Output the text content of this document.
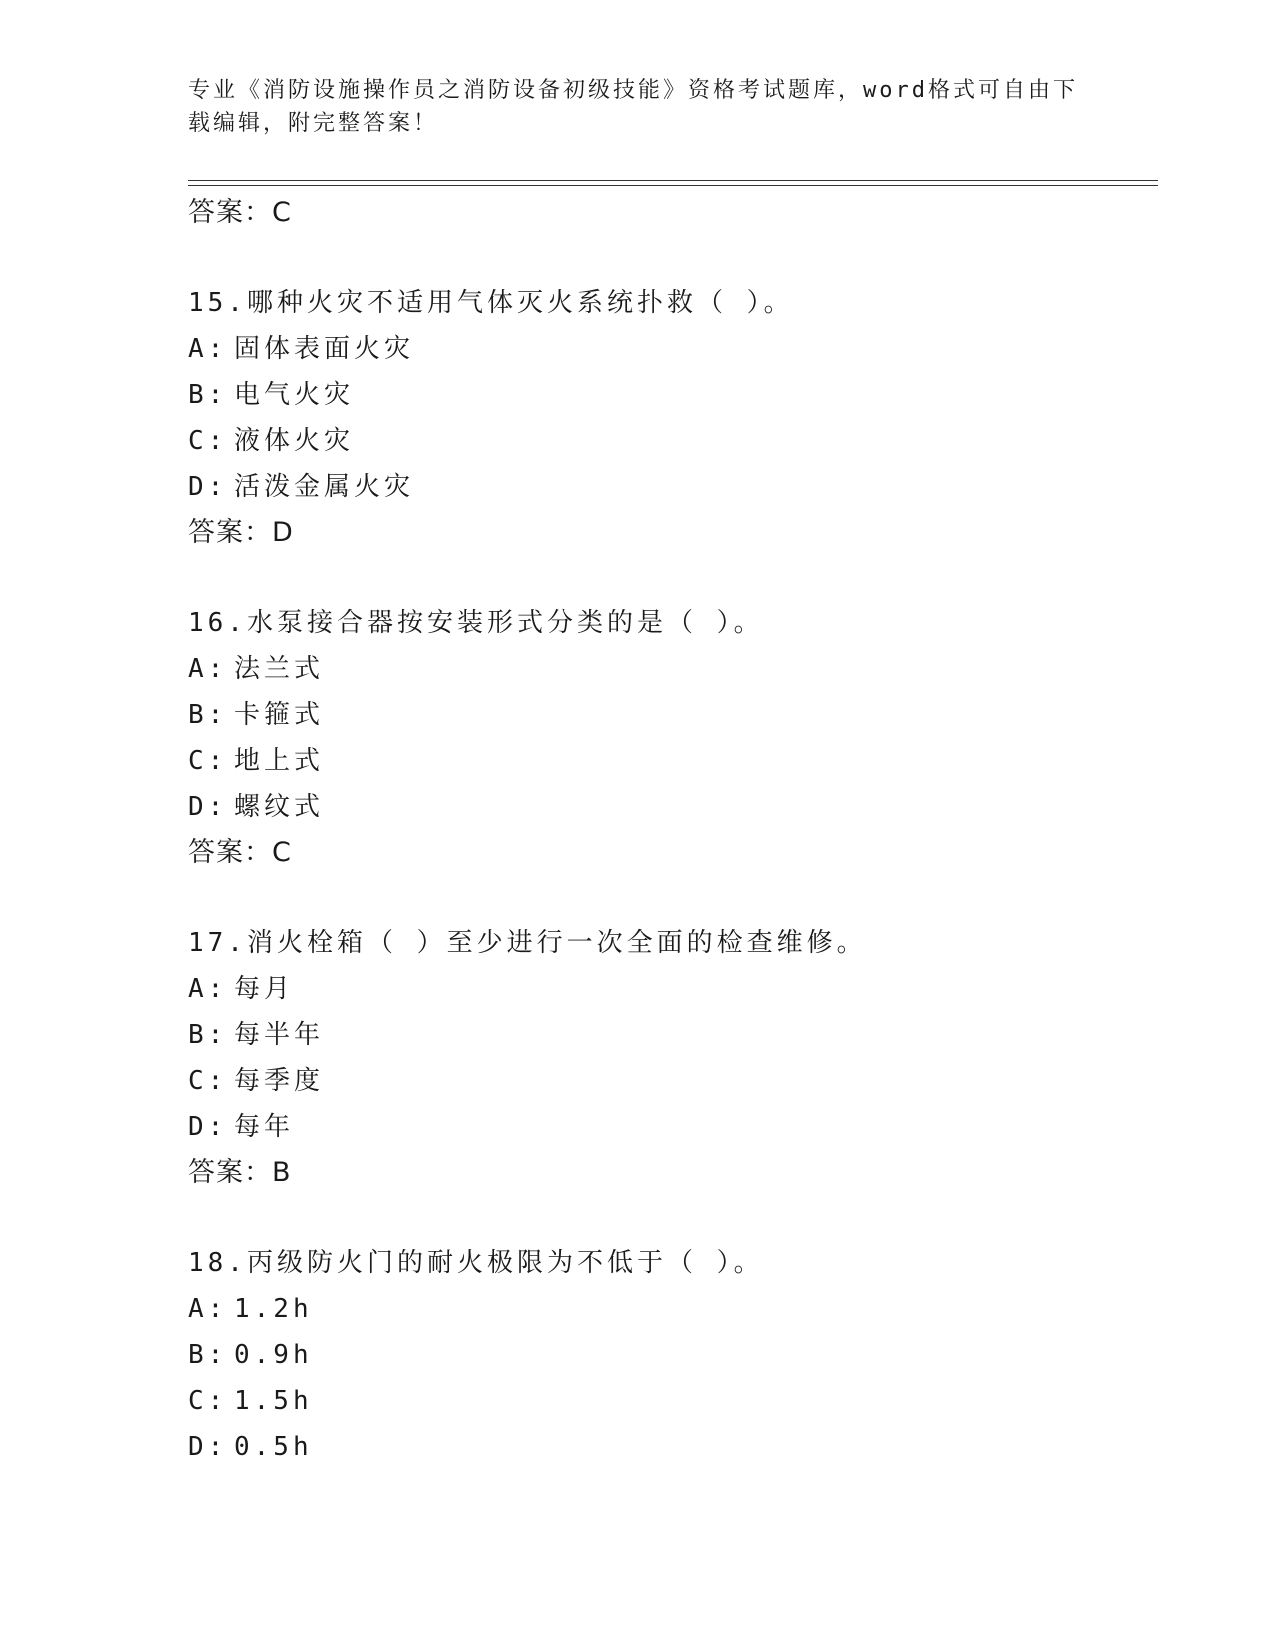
专业《消防设施操作员之消防设备初级技能》资格考试题库，word格式可自由下

载编辑，附完整答案！

答案：C

15.哪种火灾不适用气体灭火系统扑救（ ）。

A: 固体表面火灾

B: 电气火灾

C: 液体火灾

D: 活泼金属火灾

答案：D

16.水泵接合器按安装形式分类的是（ ）。

A: 法兰式

B: 卡箍式

C: 地上式

D: 螺纹式

答案：C

17.消火栓箱（ ）至少进行一次全面的检查维修。

A: 每月

B: 每半年

C: 每季度

D: 每年

答案：B

18.丙级防火门的耐火极限为不低于（ ）。

A: 1.2h

B: 0.9h

C: 1.5h

D: 0.5h
